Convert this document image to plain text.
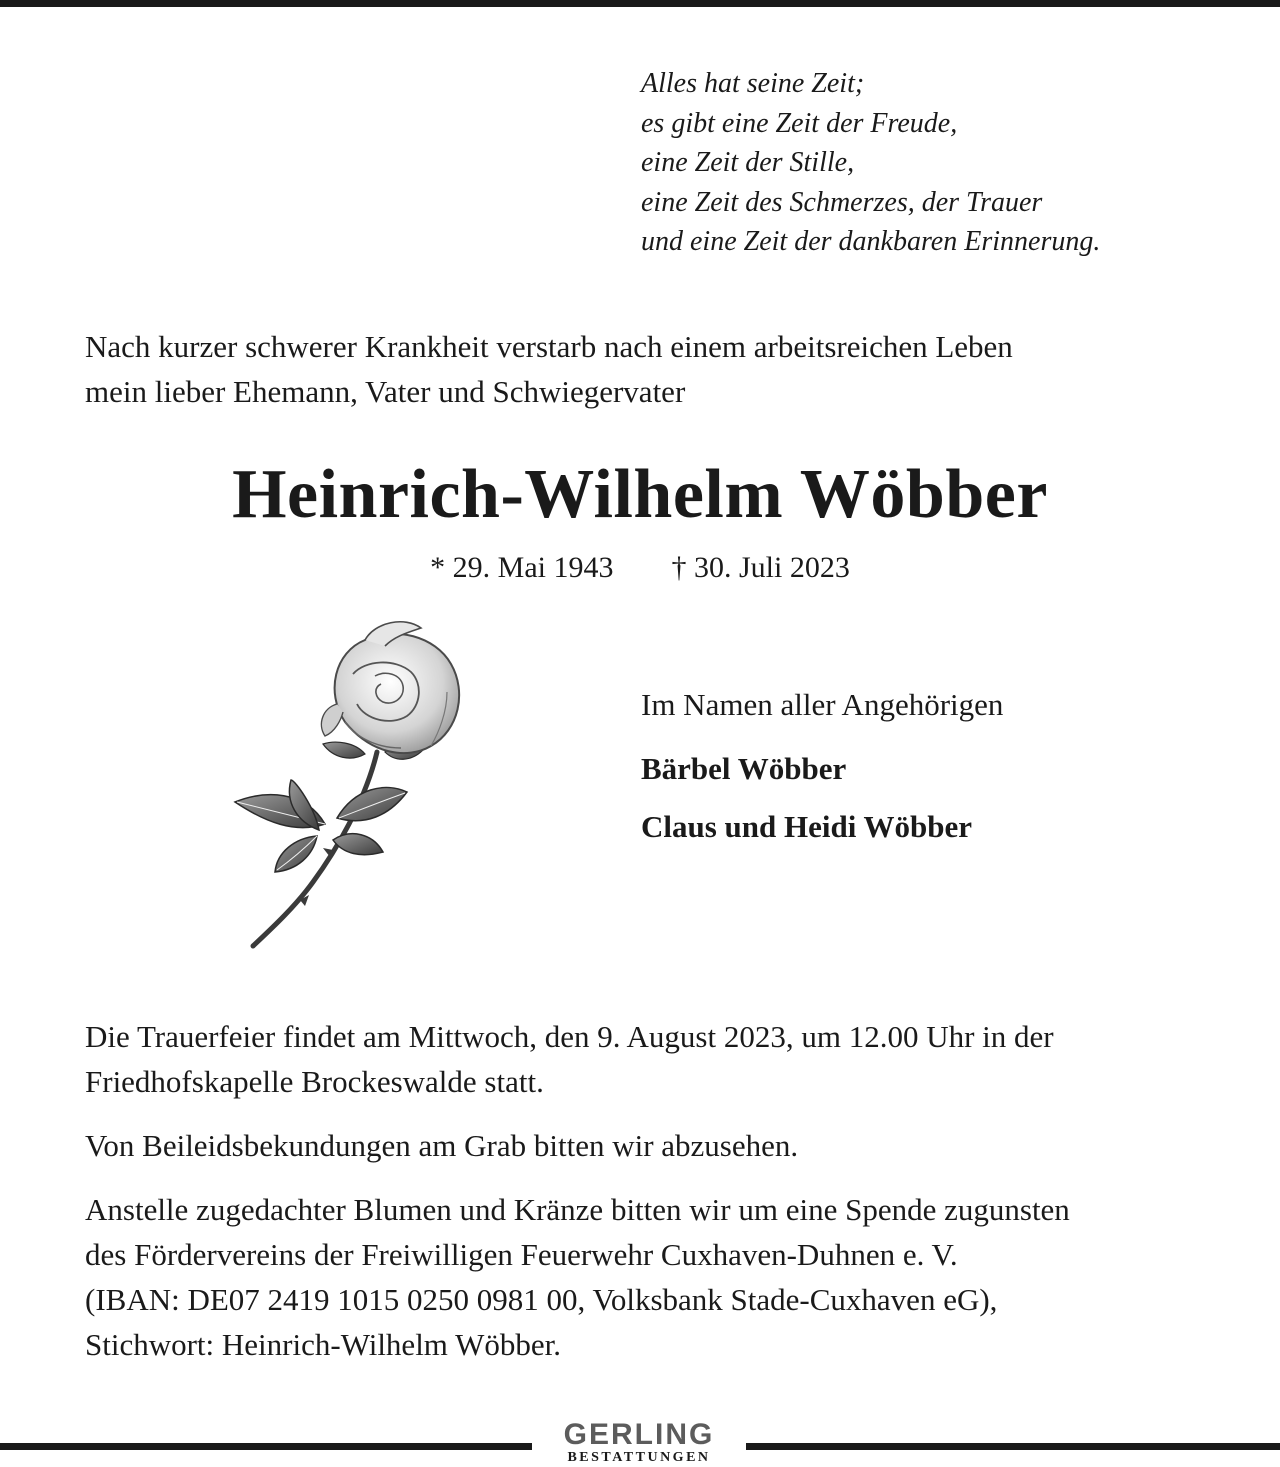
Alles hat seine Zeit;
es gibt eine Zeit der Freude,
eine Zeit der Stille,
eine Zeit des Schmerzes, der Trauer
und eine Zeit der dankbaren Erinnerung.
Nach kurzer schwerer Krankheit verstarb nach einem arbeitsreichen Leben
mein lieber Ehemann, Vater und Schwiegervater
Heinrich-Wilhelm Wöbber
* 29. Mai 1943 † 30. Juli 2023
Im Namen aller Angehörigen
Bärbel Wöbber
Claus und Heidi Wöbber

Die Trauerfeier findet am Mittwoch, den 9. August 2023, um 12.00 Uhr in der
Friedhofskapelle Brockeswalde statt.

Von Beileidsbekundungen am Grab bitten wir abzusehen.

Anstelle zugedachter Blumen und Kränze bitten wir um eine Spende zugunsten
des Fördervereins der Freiwilligen Feuerwehr Cuxhaven-Duhnen e. V.
(IBAN: DE07 2419 1015 0250 0981 00, Volksbank Stade-Cuxhaven eG),
Stichwort: Heinrich-Wilhelm Wöbber.

GERLING
BESTATTUNGEN
